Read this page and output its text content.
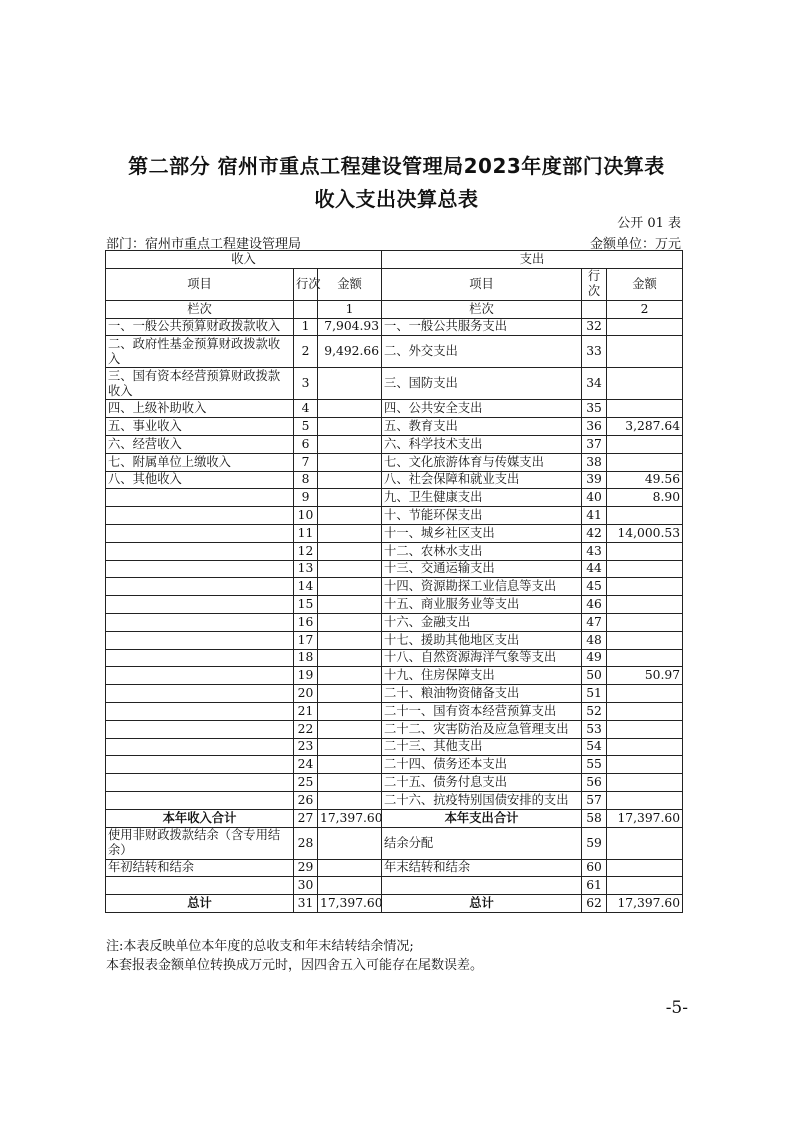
第二部分 宿州市重点工程建设管理局2023年度部门决算表
收入支出决算总表
公开 01 表
部门：宿州市重点工程建设管理局	金额单位：万元
收入			支出		
项目	行次	金额	项目	行 次	金额
栏次		1	栏次		2
一、一般公共预算财政拨款收入	1	7,904.93	一、一般公共服务支出	32	
二、政府性基金预算财政拨款收入	2	9,492.66	二、外交支出	33	
三、国有资本经营预算财政拨款收入	3		三、国防支出	34	
四、上级补助收入	4		四、公共安全支出	35	
五、事业收入	5		五、教育支出	36	3,287.64
六、经营收入	6		六、科学技术支出	37	
七、附属单位上缴收入	7		七、文化旅游体育与传媒支出	38	
八、其他收入	8		八、社会保障和就业支出	39	49.56
	9		九、卫生健康支出	40	8.90
	10		十、节能环保支出	41	
	11		十一、城乡社区支出	42	14,000.53
	12		十二、农林水支出	43	
	13		十三、交通运输支出	44	
	14		十四、资源勘探工业信息等支出	45	
	15		十五、商业服务业等支出	46	
	16		十六、金融支出	47	
	17		十七、援助其他地区支出	48	
	18		十八、自然资源海洋气象等支出	49	
	19		十九、住房保障支出	50	50.97
	20		二十、粮油物资储备支出	51	
	21		二十一、国有资本经营预算支出	52	
	22		二十二、灾害防治及应急管理支出	53	
	23		二十三、其他支出	54	
	24		二十四、债务还本支出	55	
	25		二十五、债务付息支出	56	
	26		二十六、抗疫特别国债安排的支出	57	
本年收入合计	27	17,397.60	本年支出合计	58	17,397.60
使用非财政拨款结余（含专用结余）	28		结余分配	59	
年初结转和结余	29		年末结转和结余	60	
	30			61	
总计	31	17,397.60	总计	62	17,397.60
注:本表反映单位本年度的总收支和年末结转结余情况;
本套报表金额单位转换成万元时，因四舍五入可能存在尾数误差。
-5-
